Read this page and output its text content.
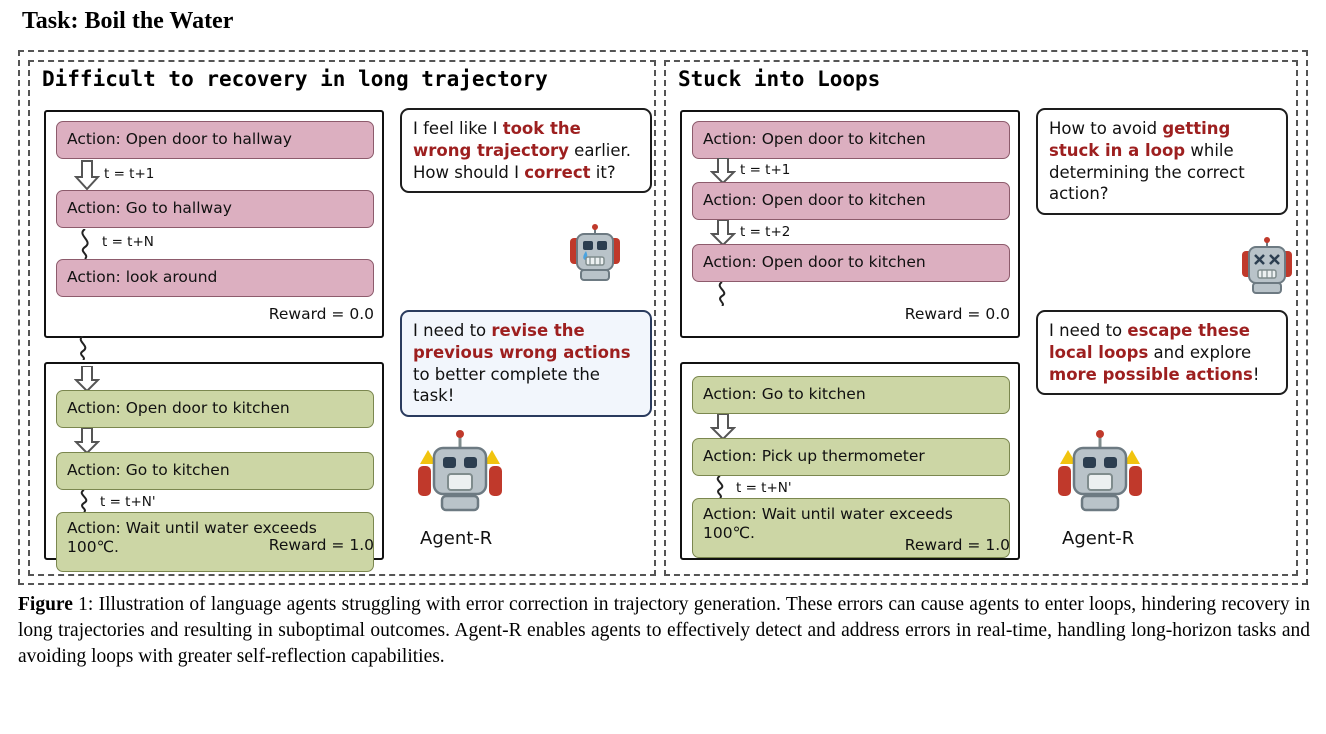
Task: Boil the Water
Difficult to recovery in long trajectory
Action: Open door to hallway
t = t+1
Action: Go to hallway
t = t+N
Action: look around
Reward = 0.0
Action: Open door to kitchen
Action: Go to kitchen
t = t+N'
Action: Wait until water exceeds 100℃.	Reward = 1.0
I feel like I took the wrong trajectory earlier. How should I correct it?
I need to revise the previous wrong actions to better complete the task!
Agent-R
Stuck into Loops
Action: Open door to kitchen
t = t+1
Action: Open door to kitchen
t = t+2
Action: Open door to kitchen
Reward = 0.0
Action: Go to kitchen
Action: Pick up thermometer
t = t+N'
Action: Wait until water exceeds 100℃.
Reward = 1.0
How to avoid getting stuck in a loop while determining the correct action?
I need to escape these local loops and explore more possible actions!
Agent-R
Figure 1: Illustration of language agents struggling with error correction in trajectory generation. These errors can cause agents to enter loops, hindering recovery in long trajectories and resulting in suboptimal outcomes. Agent-R enables agents to effectively detect and address errors in real-time, handling long-horizon tasks and avoiding loops with greater self-reflection capabilities.
